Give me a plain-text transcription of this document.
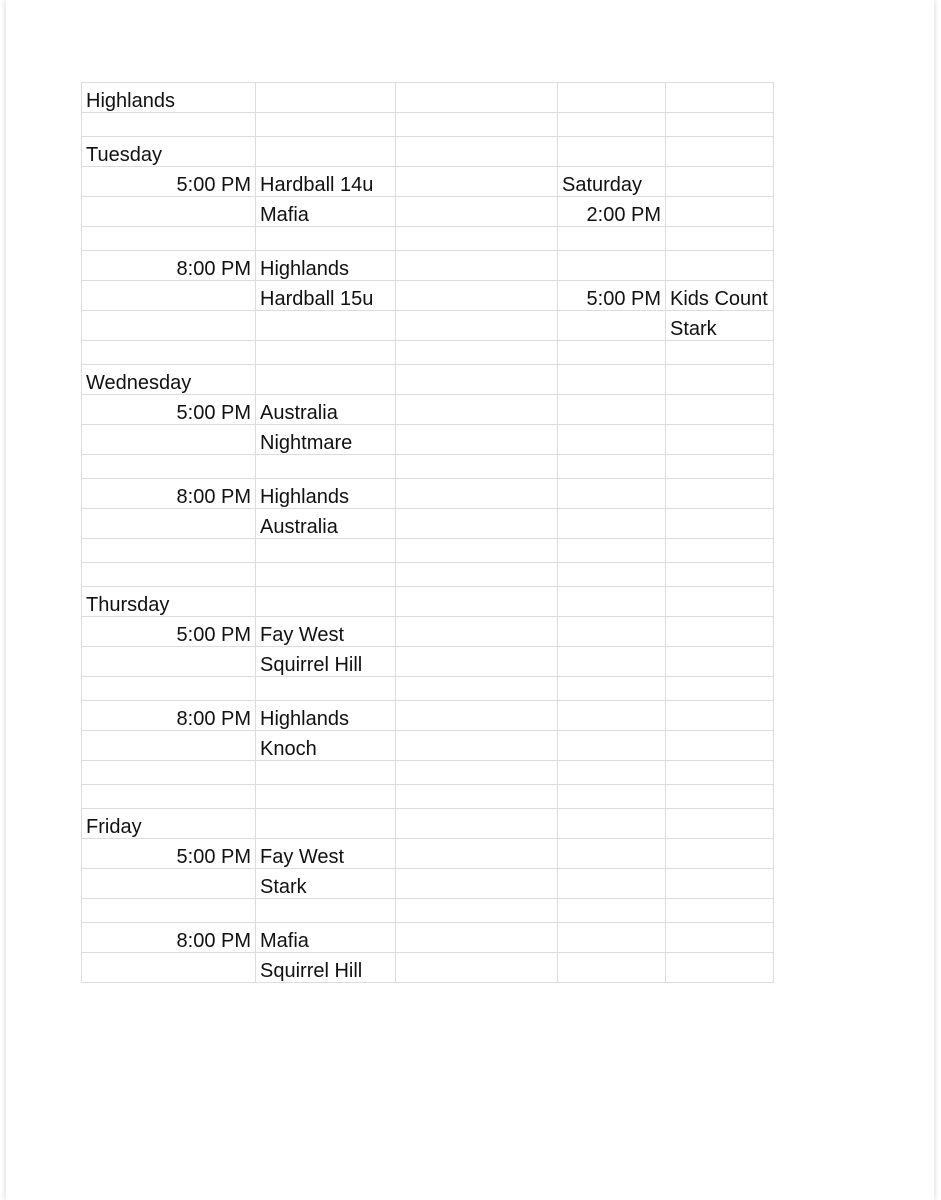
Highlands				

Tuesday				
5:00 PM	Hardball 14u		Saturday	
	Mafia		2:00 PM	

8:00 PM	Highlands			
	Hardball 15u		5:00 PM	Kids Count
				Stark

Wednesday				
5:00 PM	Australia			
	Nightmare			

8:00 PM	Highlands			
	Australia			

Thursday				
5:00 PM	Fay West			
	Squirrel Hill			

8:00 PM	Highlands			
	Knoch			

Friday				
5:00 PM	Fay West			
	Stark			

8:00 PM	Mafia			
	Squirrel Hill			
